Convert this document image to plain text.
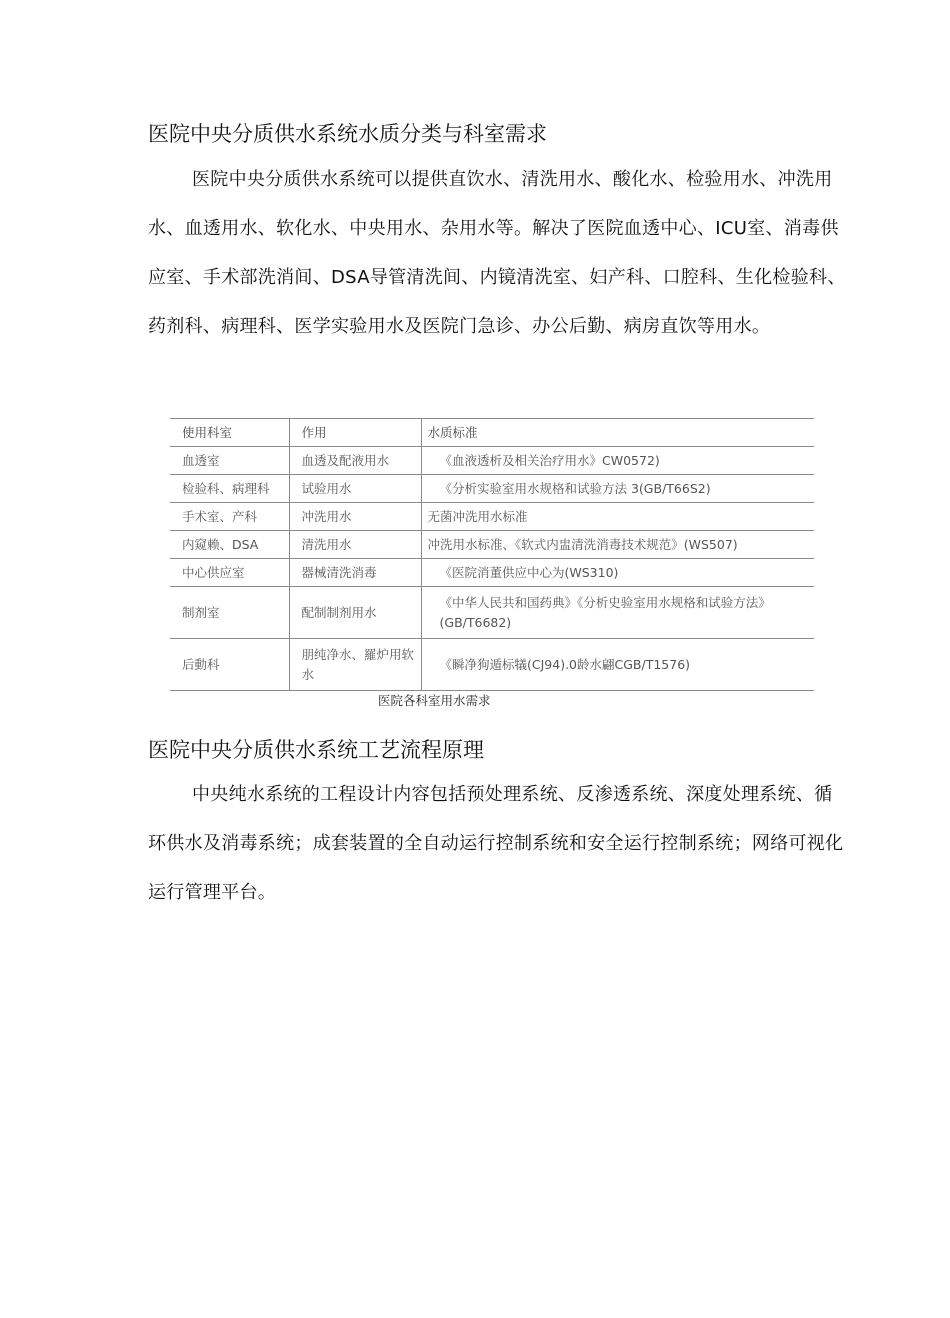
医院中央分质供水系统水质分类与科室需求

医院中央分质供水系统可以提供直饮水、清洗用水、酸化水、检验用水、冲洗用水、血透用水、软化水、中央用水、杂用水等。解决了医院血透中心、ICU室、消毒供应室、手术部洗消间、DSA导管清洗间、内镜清洗室、妇产科、口腔科、生化检验科、药剂科、病理科、医学实验用水及医院门急诊、办公后勤、病房直饮等用水。

使用科室	作用	水质标准
血透室	血透及配液用水	《血液透析及相关治疗用水》CW0572)
检验科、病理科	试验用水	《分析实验室用水规格和试验方法 3(GB/T66S2)
手术室、产科	冲洗用水	无菌冲洗用水标准
内窥赖、DSA	清洗用水	冲洗用水标准、《软式内盅清洗消毒技术规范》(WS507)
中心供应室	器械清洗消毒	《医院消董供应中心为(WS310)
制剂室	配制制剂用水	《中华人民共和国药典》《分析史验室用水规格和试验方法》(GB/T6682)
后動科	朋纯净水、羅炉用软水	《瞬净狗遁标犠(CJ94).0龄水翩CGB/T1576)
医院各科室用水需求
医院中央分质供水系统工艺流程原理

中央纯水系统的工程设计内容包括预处理系统、反渗透系统、深度处理系统、循环供水及消毒系统；成套装置的全自动运行控制系统和安全运行控制系统；网络可视化运行管理平台。
